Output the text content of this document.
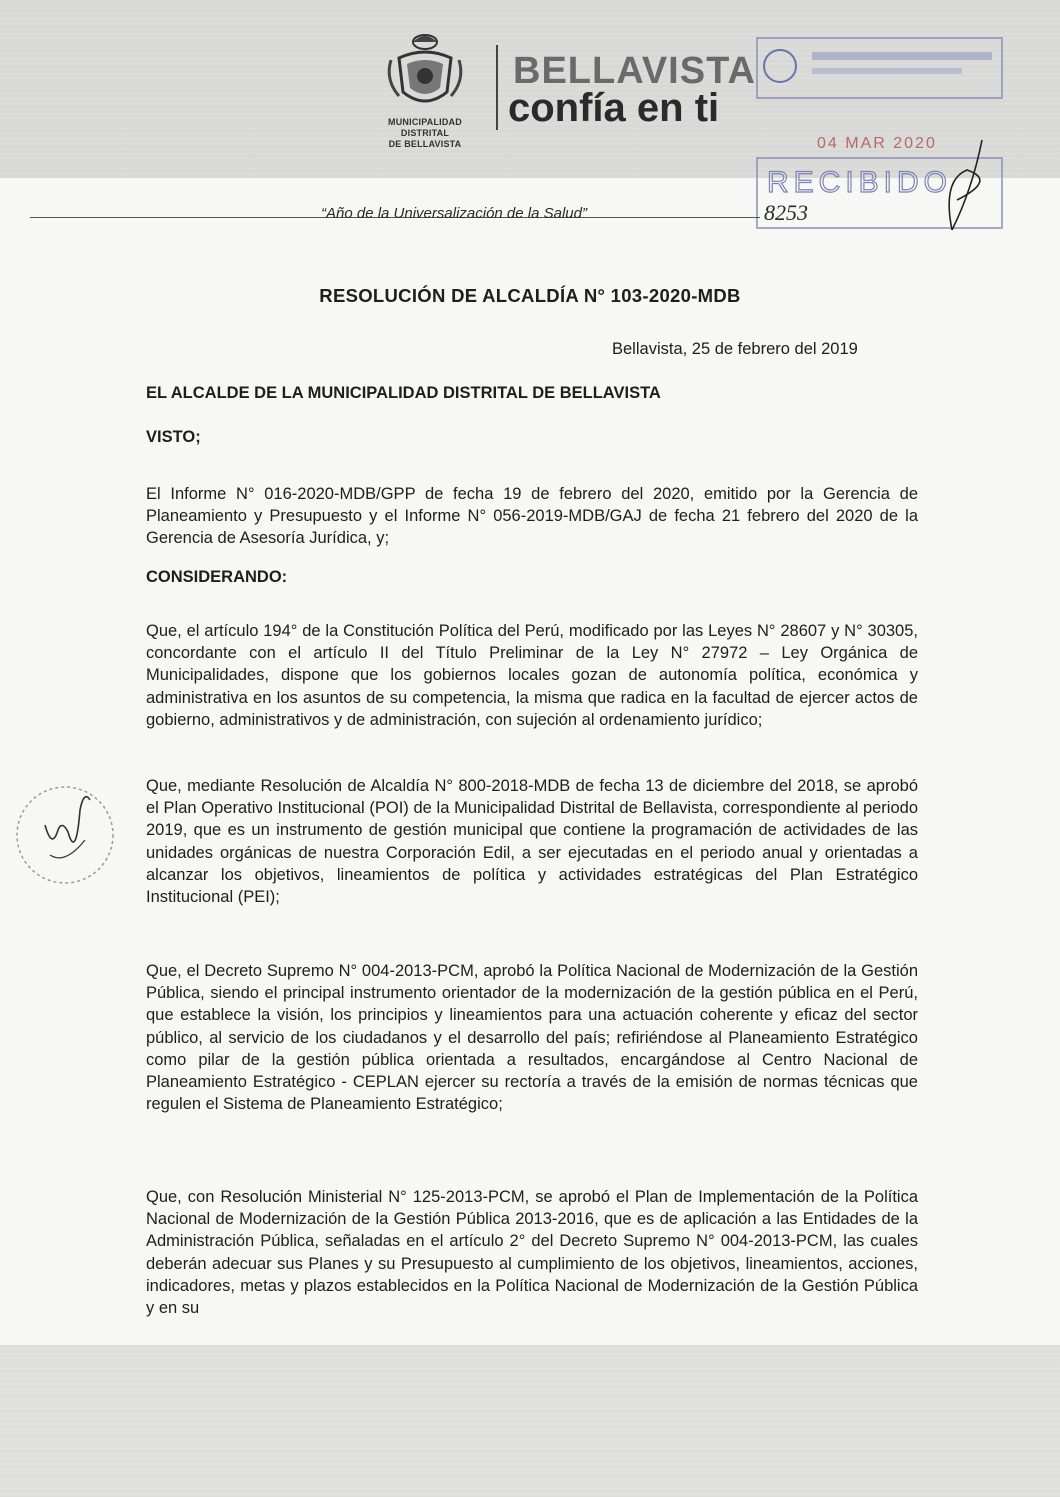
MUNICIPALIDAD DISTRITAL
DE BELLAVISTA
BELLAVISTA
confía en ti
04 MAR 2020
RECIBIDO
8253
“Año de la Universalización de la Salud”
RESOLUCIÓN DE ALCALDÍA N° 103-2020-MDB
Bellavista, 25 de febrero del 2019
EL ALCALDE DE LA MUNICIPALIDAD DISTRITAL DE BELLAVISTA
VISTO;
El Informe N° 016-2020-MDB/GPP de fecha 19 de febrero del 2020, emitido por la Gerencia de Planeamiento y Presupuesto y el Informe N° 056-2019-MDB/GAJ de fecha 21 febrero del 2020 de la Gerencia de Asesoría Jurídica, y;
CONSIDERANDO:
Que, el artículo 194° de la Constitución Política del Perú, modificado por las Leyes N° 28607 y N° 30305, concordante con el artículo II del Título Preliminar de la Ley N° 27972 – Ley Orgánica de Municipalidades, dispone que los gobiernos locales gozan de autonomía política, económica y administrativa en los asuntos de su competencia, la misma que radica en la facultad de ejercer actos de gobierno, administrativos y de administración, con sujeción al ordenamiento jurídico;
Que, mediante Resolución de Alcaldía N° 800-2018-MDB de fecha 13 de diciembre del 2018, se aprobó el Plan Operativo Institucional (POI) de la Municipalidad Distrital de Bellavista, correspondiente al periodo 2019, que es un instrumento de gestión municipal que contiene la programación de actividades de las unidades orgánicas de nuestra Corporación Edil, a ser ejecutadas en el periodo anual y orientadas a alcanzar los objetivos, lineamientos de política y actividades estratégicas del Plan Estratégico Institucional (PEI);
Que, el Decreto Supremo N° 004-2013-PCM, aprobó la Política Nacional de Modernización de la Gestión Pública, siendo el principal instrumento orientador de la modernización de la gestión pública en el Perú, que establece la visión, los principios y lineamientos para una actuación coherente y eficaz del sector público, al servicio de los ciudadanos y el desarrollo del país; refiriéndose al Planeamiento Estratégico como pilar de la gestión pública orientada a resultados, encargándose al Centro Nacional de Planeamiento Estratégico - CEPLAN ejercer su rectoría a través de la emisión de normas técnicas que regulen el Sistema de Planeamiento Estratégico;
Que, con Resolución Ministerial N° 125-2013-PCM, se aprobó el Plan de Implementación de la Política Nacional de Modernización de la Gestión Pública 2013-2016, que es de aplicación a las Entidades de la Administración Pública, señaladas en el artículo 2° del Decreto Supremo N° 004-2013-PCM, las cuales deberán adecuar sus Planes y su Presupuesto al cumplimiento de los objetivos, lineamientos, acciones, indicadores, metas y plazos establecidos en la Política Nacional de Modernización de la Gestión Pública y en su
